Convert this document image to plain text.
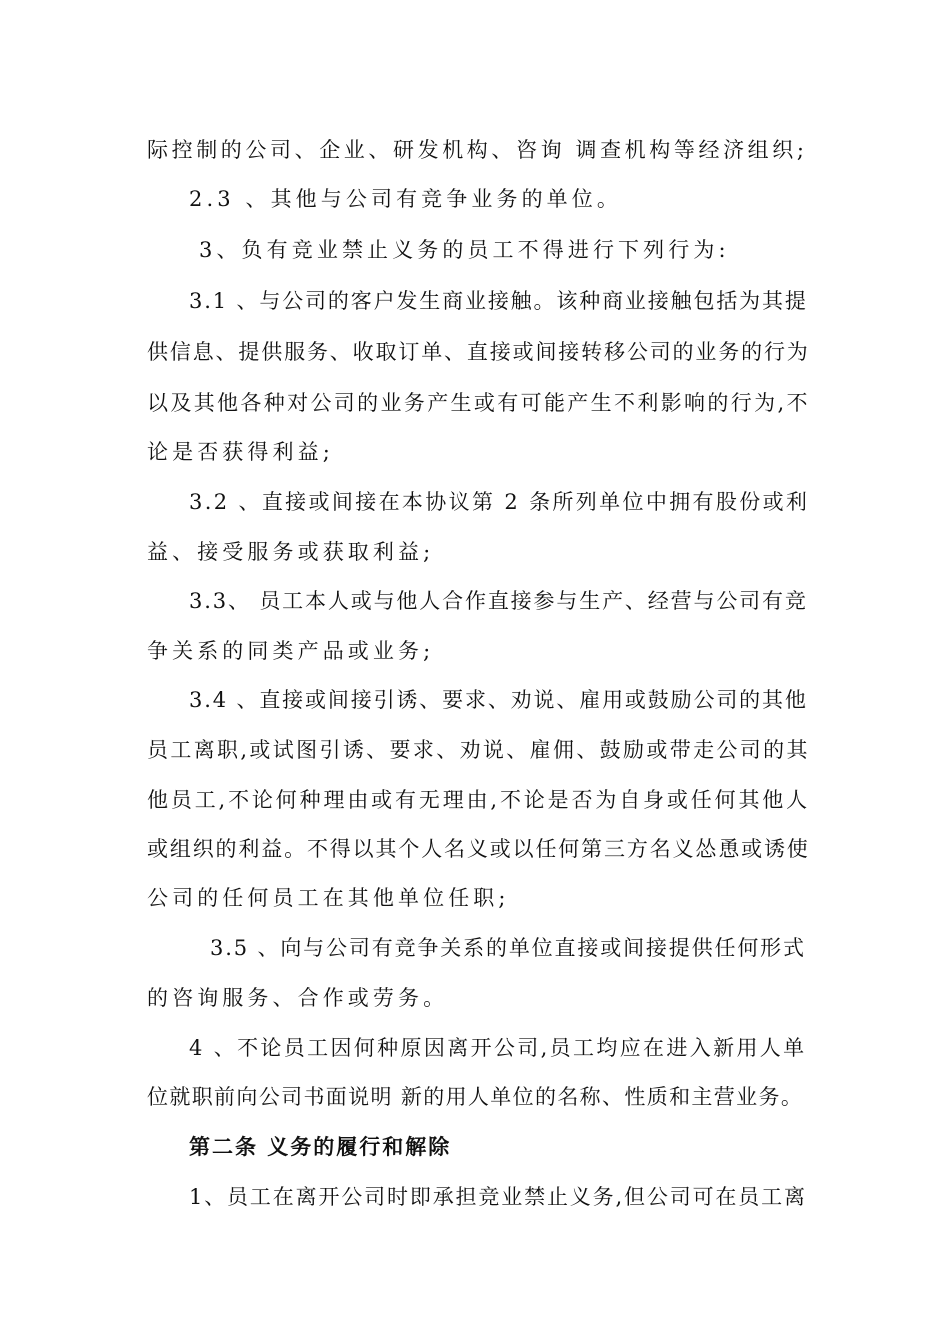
际控制的公司、企业、研发机构、咨询 调查机构等经济组织;
2.3 、其他与公司有竞争业务的单位。
3、负有竞业禁止义务的员工不得进行下列行为:
3.1 、与公司的客户发生商业接触。该种商业接触包括为其提
供信息、提供服务、收取订单、直接或间接转移公司的业务的行为
以及其他各种对公司的业务产生或有可能产生不利影响的行为,不
论是否获得利益;
3.2 、直接或间接在本协议第 2 条所列单位中拥有股份或利
益、接受服务或获取利益;
3.3、 员工本人或与他人合作直接参与生产、经营与公司有竞
争关系的同类产品或业务;
3.4 、直接或间接引诱、要求、劝说、雇用或鼓励公司的其他
员工离职,或试图引诱、要求、劝说、雇佣、鼓励或带走公司的其
他员工,不论何种理由或有无理由,不论是否为自身或任何其他人
或组织的利益。不得以其个人名义或以任何第三方名义怂恿或诱使
公司的任何员工在其他单位任职;
3.5 、向与公司有竞争关系的单位直接或间接提供任何形式
的咨询服务、合作或劳务。
4 、不论员工因何种原因离开公司,员工均应在进入新用人单
位就职前向公司书面说明 新的用人单位的名称、性质和主营业务。
第二条 义务的履行和解除
1、员工在离开公司时即承担竞业禁止义务,但公司可在员工离
